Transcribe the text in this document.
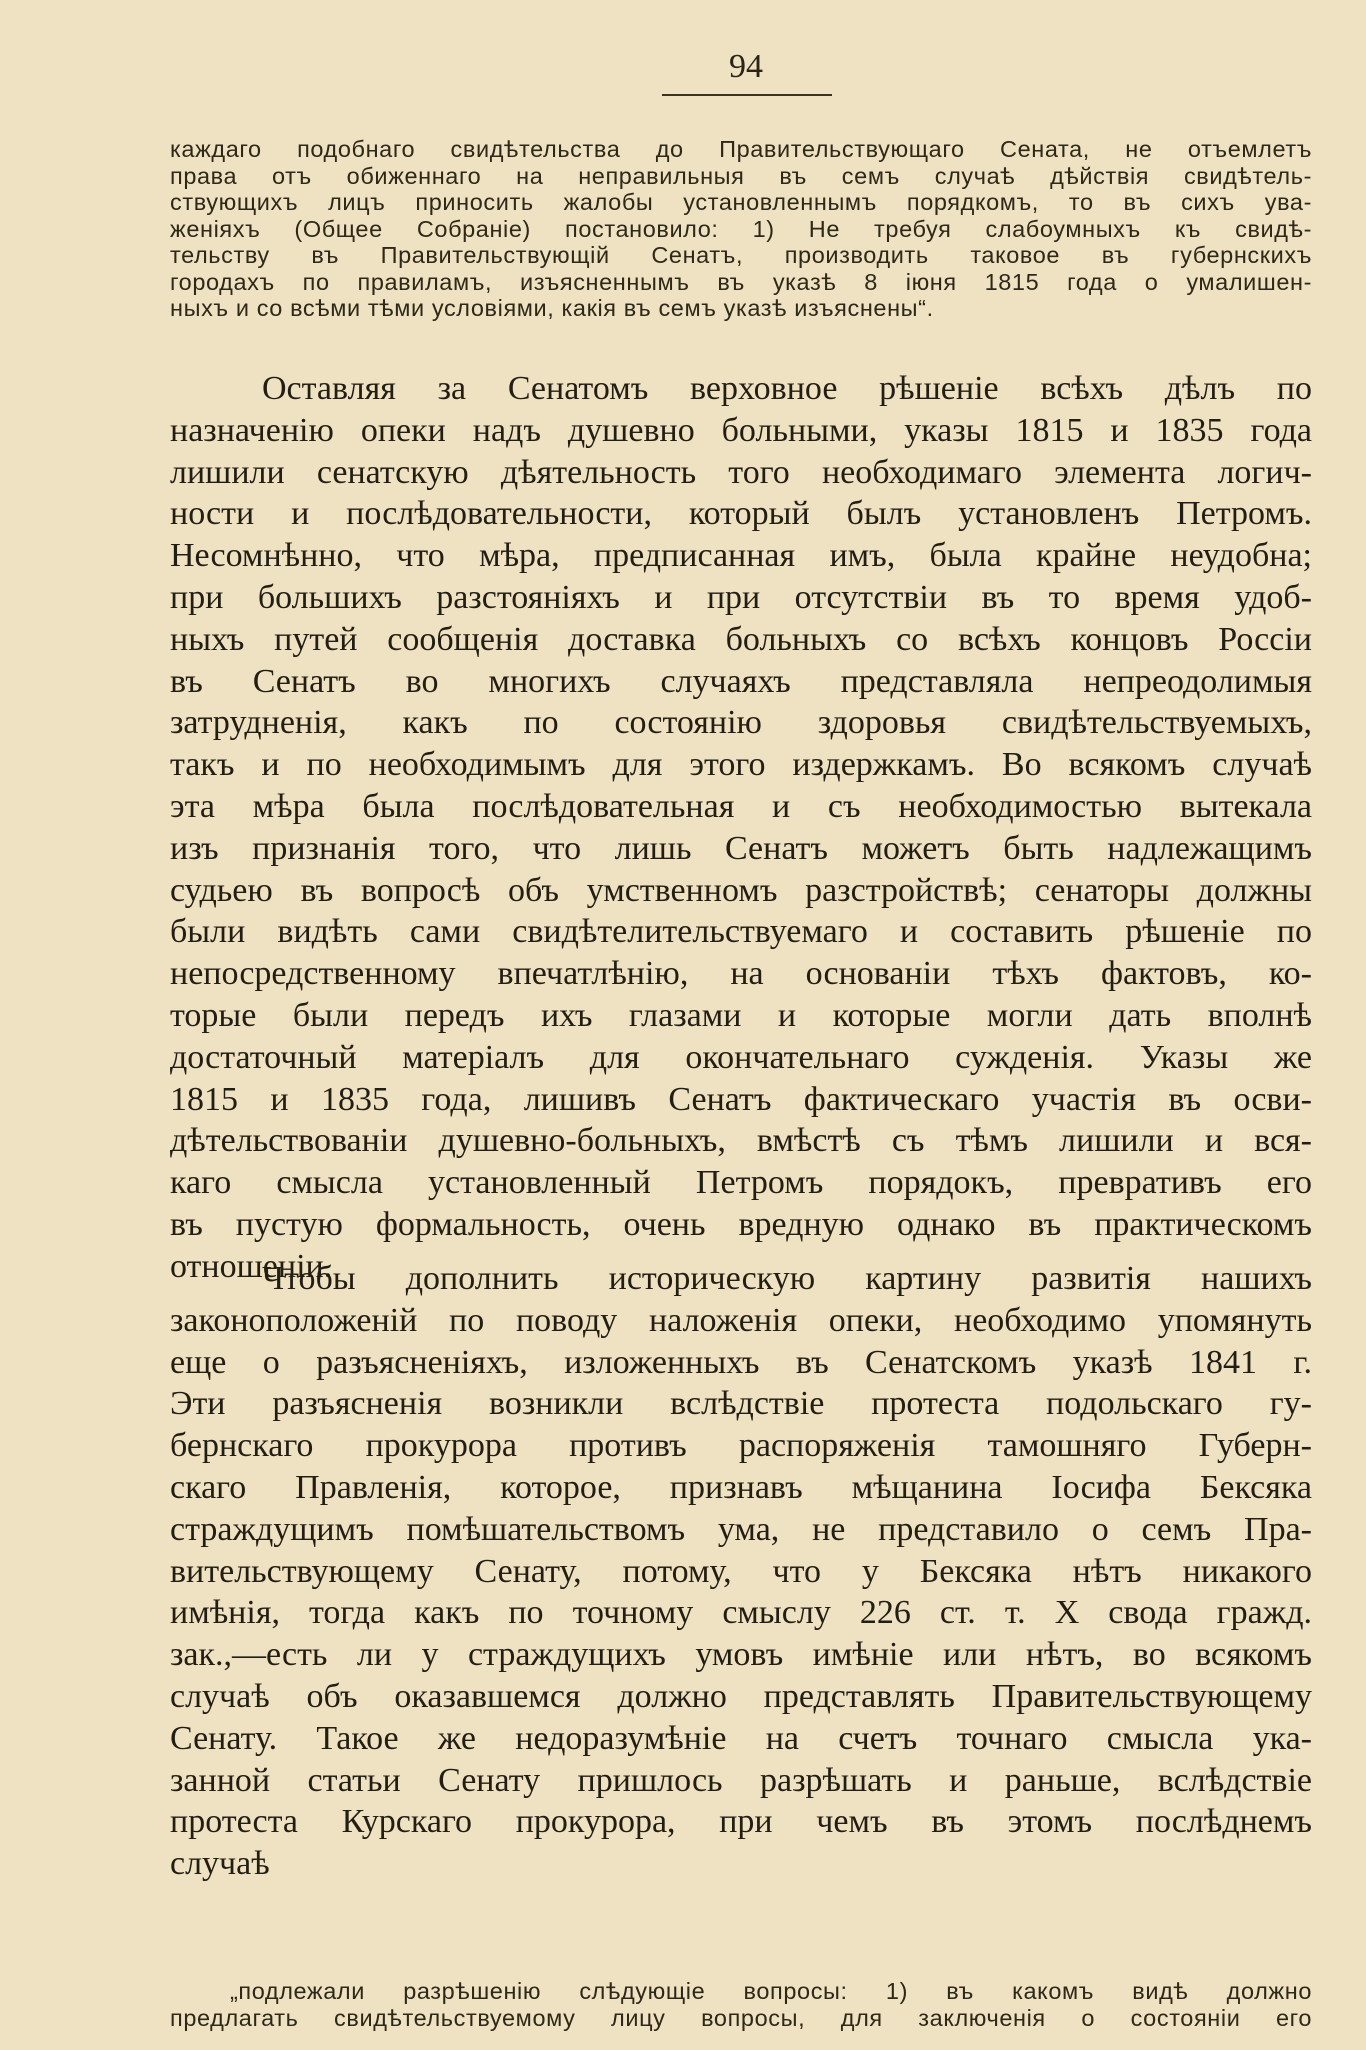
94
каждаго подобнаго свидѣтельства до Правительствующаго Сената, не отъемлетъ
права отъ обиженнаго на неправильныя въ семъ случаѣ дѣйствія свидѣтель-
ствующихъ лицъ приносить жалобы установленнымъ порядкомъ, то въ сихъ ува-
женіяхъ (Общее Собраніе) постановило: 1) Не требуя слабоумныхъ къ свидѣ-
тельству въ Правительствующій Сенатъ, производить таковое въ губернскихъ
городахъ по правиламъ, изъясненнымъ въ указѣ 8 іюня 1815 года о умалишен-
ныхъ и со всѣми тѣми условіями, какія въ семъ указѣ изъяснены“.
Оставляя за Сенатомъ верховное рѣшеніе всѣхъ дѣлъ по
назначенію опеки надъ душевно больными, указы 1815 и 1835 года
лишили сенатскую дѣятельность того необходимаго элемента логич-
ности и послѣдовательности, который былъ установленъ Петромъ.
Несомнѣнно, что мѣра, предписанная имъ, была крайне неудобна;
при большихъ разстояніяхъ и при отсутствіи въ то время удоб-
ныхъ путей сообщенія доставка больныхъ со всѣхъ концовъ Россіи
въ Сенатъ во многихъ случаяхъ представляла непреодолимыя
затрудненія, какъ по состоянію здоровья свидѣтельствуемыхъ,
такъ и по необходимымъ для этого издержкамъ. Во всякомъ случаѣ
эта мѣра была послѣдовательная и съ необходимостью вытекала
изъ признанія того, что лишь Сенатъ можетъ быть надлежащимъ
судьею въ вопросѣ объ умственномъ разстройствѣ; сенаторы должны
были видѣть сами свидѣтелительствуемаго и составить рѣшеніе по
непосредственному впечатлѣнію, на основаніи тѣхъ фактовъ, ко-
торые были передъ ихъ глазами и которые могли дать вполнѣ
достаточный матеріалъ для окончательнаго сужденія. Указы же
1815 и 1835 года, лишивъ Сенатъ фактическаго участія въ осви-
дѣтельствованіи душевно-больныхъ, вмѣстѣ съ тѣмъ лишили и вся-
каго смысла установленный Петромъ порядокъ, превративъ его
въ пустую формальность, очень вредную однако въ практическомъ
отношеніи.
Чтобы дополнить историческую картину развитія нашихъ
законоположеній по поводу наложенія опеки, необходимо упомянуть
еще о разъясненіяхъ, изложенныхъ въ Сенатскомъ указѣ 1841 г.
Эти разъясненія возникли вслѣдствіе протеста подольскаго гу-
бернскаго прокурора противъ распоряженія тамошняго Губерн-
скаго Правленія, которое, признавъ мѣщанина Іосифа Бексяка
страждущимъ помѣшательствомъ ума, не представило о семъ Пра-
вительствующему Сенату, потому, что у Бексяка нѣтъ никакого
имѣнія, тогда какъ по точному смыслу 226 ст. т. X свода гражд.
зак.,—есть ли у страждущихъ умовъ имѣніе или нѣтъ, во всякомъ
случаѣ объ оказавшемся должно представлять Правительствующему
Сенату. Такое же недоразумѣніе на счетъ точнаго смысла ука-
занной статьи Сенату пришлось разрѣшать и раньше, вслѣдствіе
протеста Курскаго прокурора, при чемъ въ этомъ послѣднемъ
случаѣ
„подлежали разрѣшенію слѣдующіе вопросы: 1) въ какомъ видѣ должно
предлагать свидѣтельствуемому лицу вопросы, для заключенія о состояніи его
